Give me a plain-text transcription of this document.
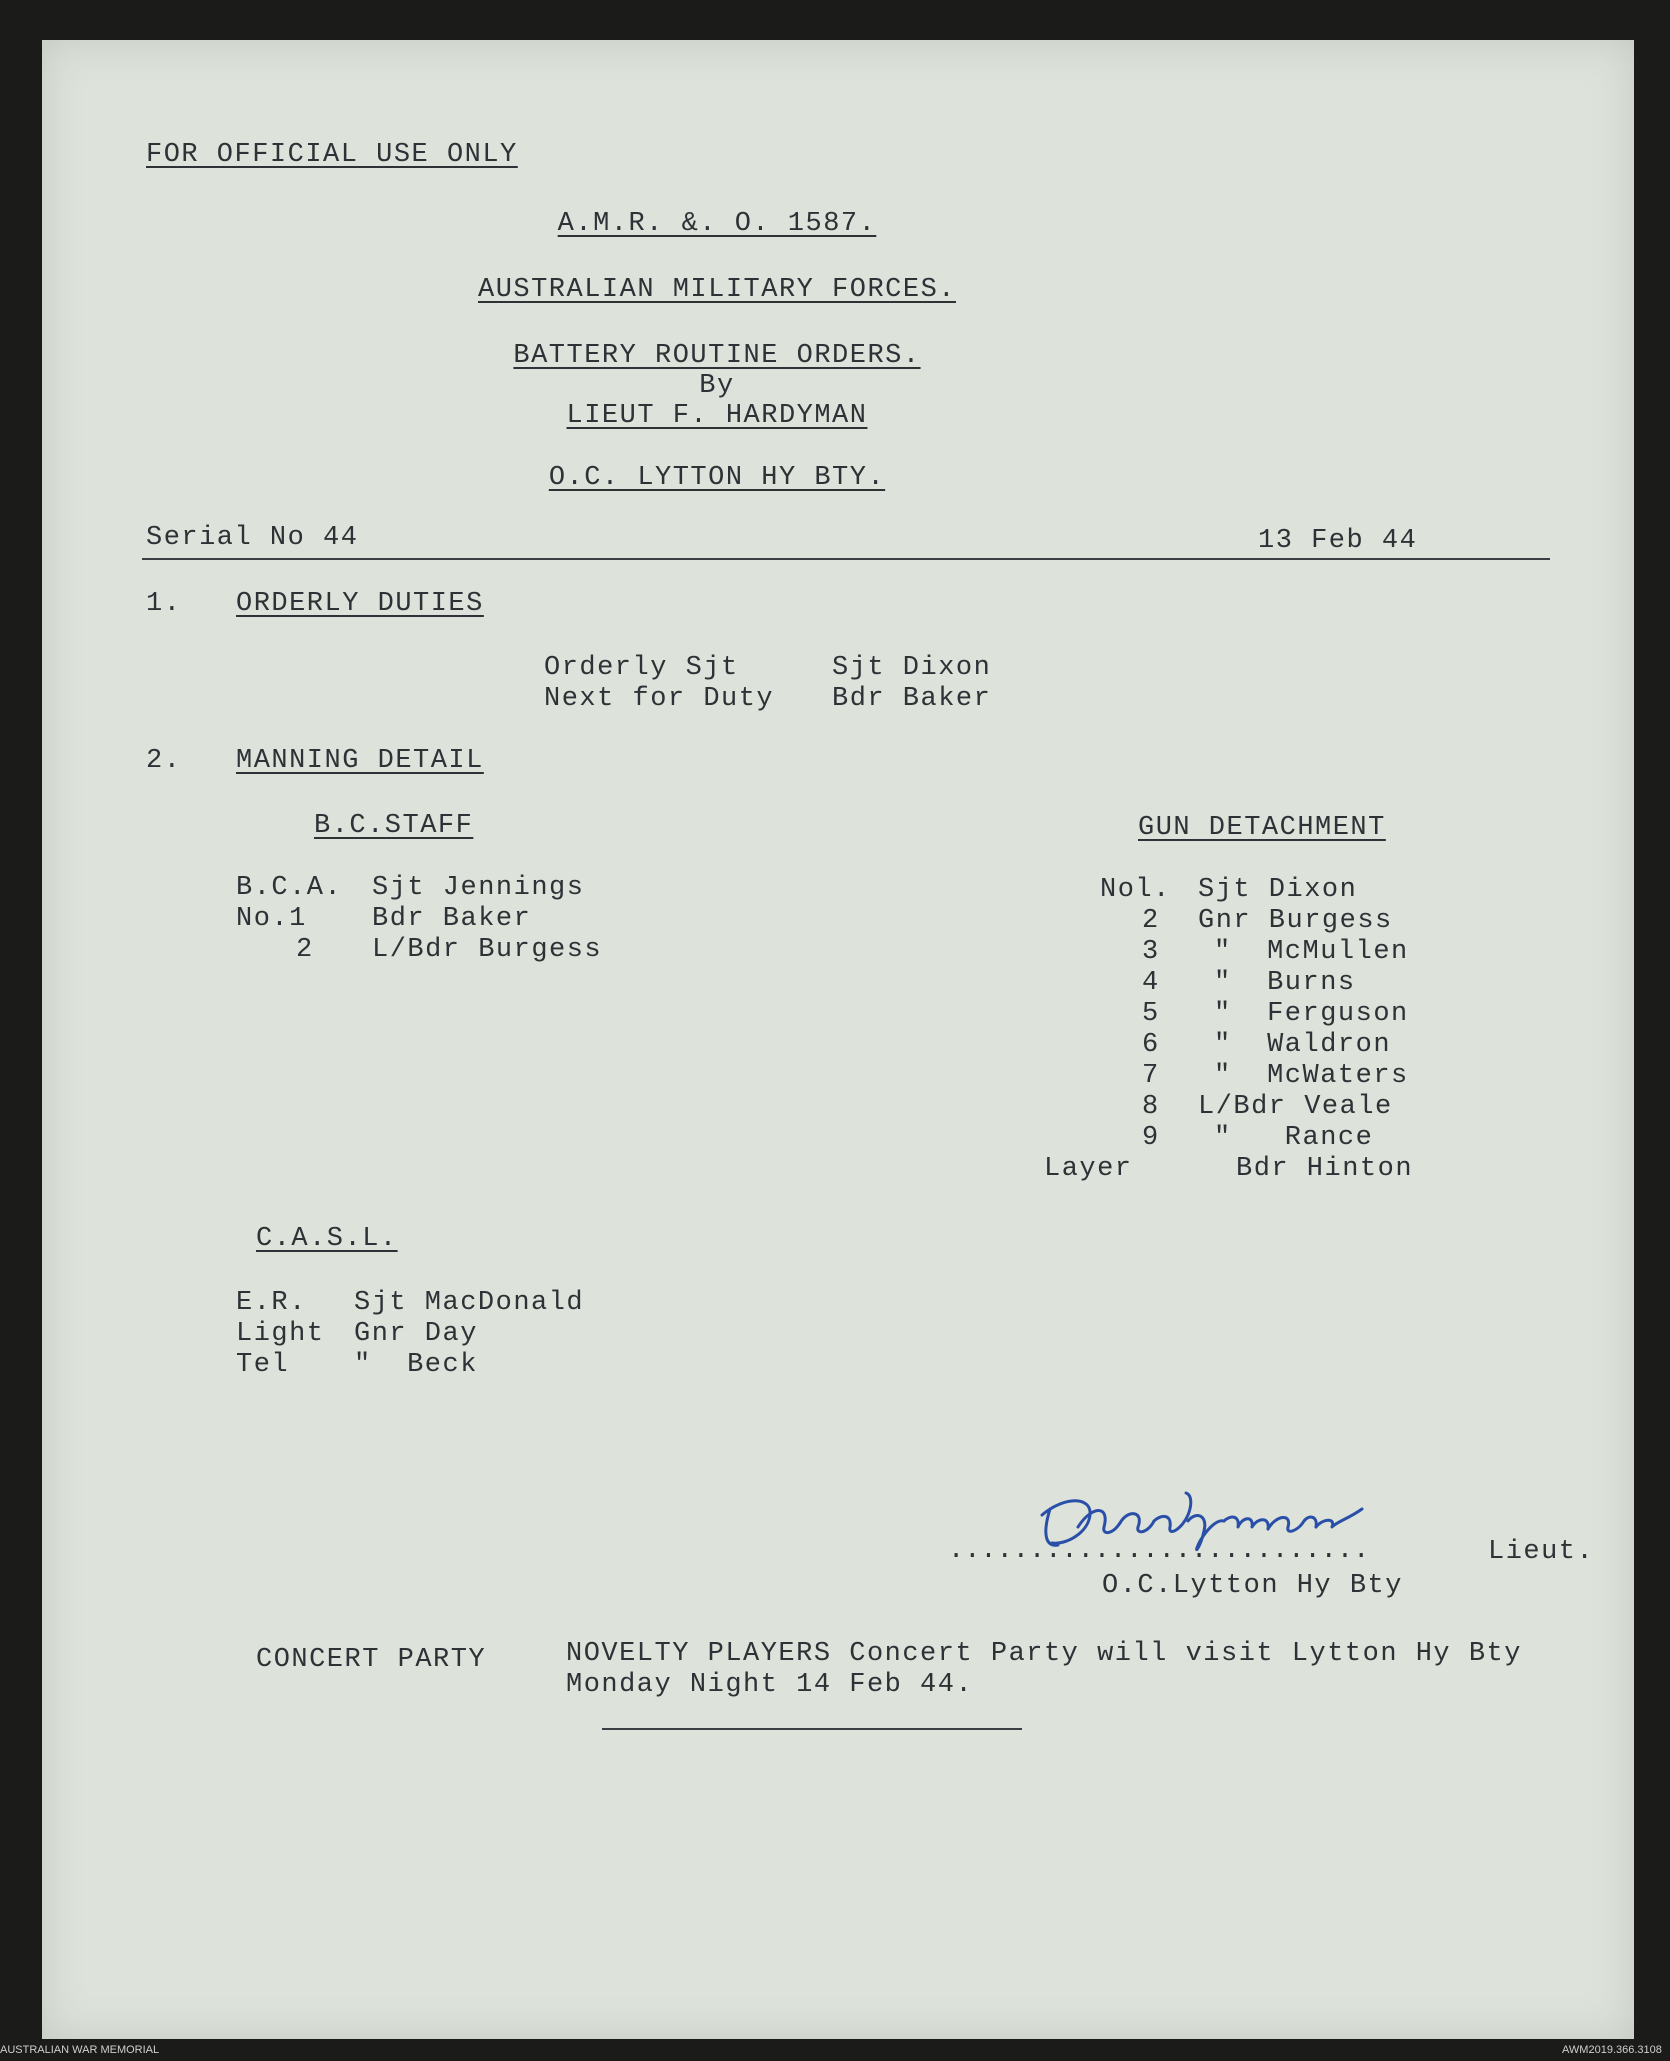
FOR OFFICIAL USE ONLY
A.M.R. &. O. 1587.
AUSTRALIAN MILITARY FORCES.
BATTERY ROUTINE ORDERS.
By
LIEUT F. HARDYMAN
O.C. LYTTON HY BTY.
Serial No 44	13 Feb 44
1. ORDERLY DUTIES
Orderly Sjt	Sjt Dixon
Next for Duty Bdr Baker
2. MANNING DETAIL
B.C.STAFF
B.C.A. Sjt Jennings
No.1 Bdr Baker
2 L/Bdr Burgess
GUN DETACHMENT
Nol. Sjt Dixon
2 Gnr Burgess
3 "  McMullen
4 "  Burns
5 "  Ferguson
6 "  Waldron
7 "  McWaters
8 L/Bdr Veale
9 "   Rance
Layer	Bdr Hinton
C.A.S.L.
E.R. Sjt MacDonald
Light Gnr Day
Tel "  Beck
..........................	Lieut.
O.C.Lytton Hy Bty
CONCERT PARTY	NOVELTY PLAYERS Concert Party will visit Lytton Hy Bty
Monday Night 14 Feb 44.
AUSTRALIAN WAR MEMORIAL	AWM2019.366.3108
